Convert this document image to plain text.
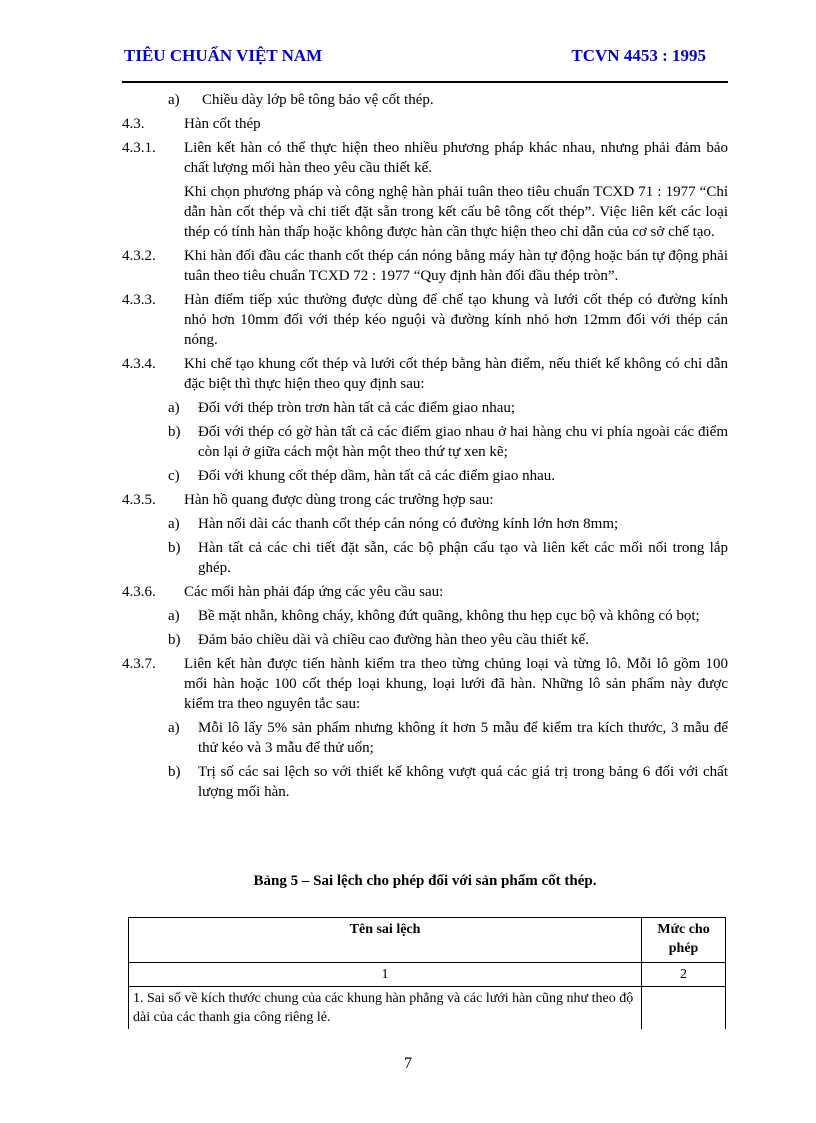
TIÊU CHUẨN VIỆT NAM	TCVN 4453 : 1995
a) Chiều dày lớp bê tông bảo vệ cốt thép.
4.3.	Hàn cốt thép
4.3.1. Liên kết hàn có thể thực hiện theo nhiều phương pháp khác nhau, nhưng phải đảm bảo chất lượng mối hàn theo yêu cầu thiết kế.
Khi chọn phương pháp và công nghệ hàn phải tuân theo tiêu chuẩn TCXD 71 : 1977 “Chỉ dẫn hàn cốt thép và chi tiết đặt sẵn trong kết cấu bê tông cốt thép”. Việc liên kết các loại thép có tính hàn thấp hoặc không được hàn cần thực hiện theo chỉ dẫn của cơ sở chế tạo.
4.3.2. Khi hàn đối đầu các thanh cốt thép cán nóng bằng máy hàn tự động hoặc bán tự động phải tuân theo tiêu chuẩn TCXD 72 : 1977 “Quy định hàn đối đầu thép tròn”.
4.3.3. Hàn điểm tiếp xúc thường được dùng để chế tạo khung và lưới cốt thép có đường kính nhỏ hơn 10mm đối với thép kéo nguội và đường kính nhỏ hơn 12mm đối với thép cán nóng.
4.3.4. Khi chế tạo khung cốt thép và lưới cốt thép bằng hàn điểm, nếu thiết kế không có chỉ dẫn đặc biệt thì thực hiện theo quy định sau:
a) Đối với thép tròn trơn hàn tất cả các điểm giao nhau;
b) Đối với thép có gờ hàn tất cả các điểm giao nhau ở hai hàng chu vi phía ngoài các điểm còn lại ở giữa cách một hàn một theo thứ tự xen kẽ;
c) Đối với khung cốt thép dầm, hàn tất cả các điểm giao nhau.
4.3.5. Hàn hồ quang được dùng trong các trường hợp sau:
a) Hàn nối dài các thanh cốt thép cán nóng có đường kính lớn hơn 8mm;
b) Hàn tất cả các chi tiết đặt sẵn, các bộ phận cấu tạo và liên kết các mối nối trong lắp ghép.
4.3.6. Các mối hàn phải đáp ứng các yêu cầu sau:
a) Bề mặt nhẵn, không cháy, không đứt quãng, không thu hẹp cục bộ và không có bọt;
b) Đảm bảo chiều dài và chiều cao đường hàn theo yêu cầu thiết kế.
4.3.7. Liên kết hàn được tiến hành kiểm tra theo từng chủng loại và từng lô. Mỗi lô gồm 100 mối hàn hoặc 100 cốt thép loại khung, loại lưới đã hàn. Những lô sản phẩm này được kiểm tra theo nguyên tắc sau:
a) Mỗi lô lấy 5% sản phẩm nhưng không ít hơn 5 mẫu để kiểm tra kích thước, 3 mẫu để thử kéo và 3 mẫu để thử uốn;
b) Trị số các sai lệch so với thiết kế không vượt quá các giá trị trong bảng 6 đối với chất lượng mối hàn.
Bảng 5 – Sai lệch cho phép đối với sản phẩm cốt thép.
Tên sai lệch	Mức cho phép
1	2
1. Sai số về kích thước chung của các khung hàn phẳng và các lưới hàn cũng như theo độ dài của các thanh gia công riêng lẻ.	
7
